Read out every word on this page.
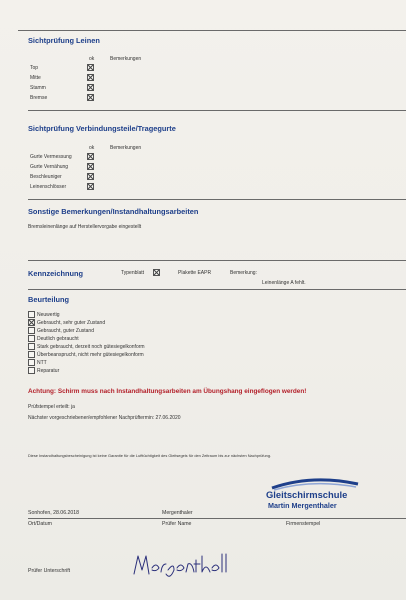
Sichtprüfung Leinen
ok	Bemerkungen
Top
Mitte
Stamm
Bremse
Sichtprüfung Verbindungsteile/Tragegurte
ok	Bemerkungen
Gurte Vermessung
Gurte Vernähung
Beschleuniger
Leinenschlösser
Sonstige Bemerkungen/Instandhaltungsarbeiten
Bremsleinenlänge auf Herstellervorgabe eingestellt
Kennzeichnung	Typenblatt	Plakette EAPR	Bemerkung:
Leinenlänge A fehlt.
Beurteilung
Neuwertig
Gebraucht, sehr guter Zustand
Gebraucht, guter Zustand
Deutlich gebraucht
Stark gebraucht, derzeit noch gütesiegelkonform
Überbeansprucht, nicht mehr gütesiegelkonform
NTT
Reparatur
Achtung: Schirm muss nach Instandhaltungsarbeiten am Übungshang eingeflogen werden!
Prüfstempel erteilt: ja
Nächster vorgeschriebener/empfohlener Nachprüftermin: 27.06.2020
Diese Instandhaltungsbescheinigung ist keine Garantie für die Lufttüchtigkeit des Gleitsegels für den Zeitraum bis zur nächsten Nachprüfung.
Gleitschirmschule
Martin Mergenthaler
Sonhofen, 28.06.2018	Mergenthaler
Ort/Datum	Prüfer Name	Firmenstempel
Prüfer Unterschrift
